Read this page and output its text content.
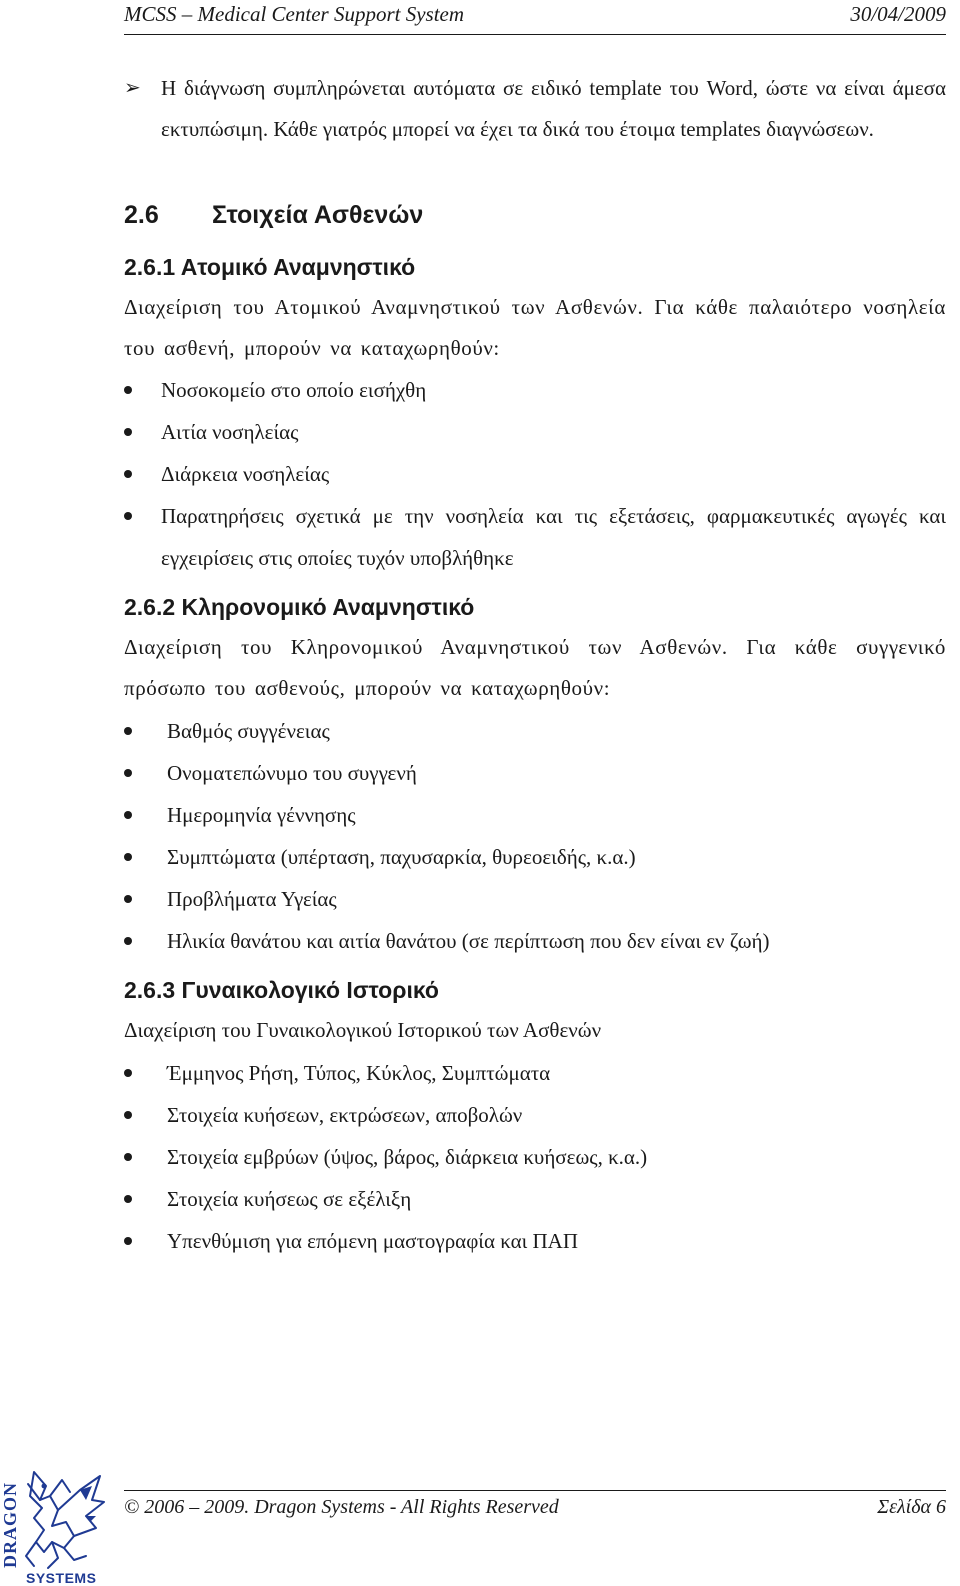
MCSS – Medical Center Support System	30/04/2009

➢ Η διάγνωση συμπληρώνεται αυτόματα σε ειδικό template του Word, ώστε να είναι άμεσα εκτυπώσιμη. Κάθε γιατρός μπορεί να έχει τα δικά του έτοιμα templates διαγνώσεων.

2.6 Στοιχεία Ασθενών
2.6.1 Ατομικό Αναμνηστικό

Διαχείριση του Ατομικού Αναμνηστικού των Ασθενών. Για κάθε παλαιότερο νοσηλεία του ασθενή, μπορούν να καταχωρηθούν:

Νοσοκομείο στο οποίο εισήχθη
Αιτία νοσηλείας
Διάρκεια νοσηλείας
Παρατηρήσεις σχετικά με την νοσηλεία και τις εξετάσεις, φαρμακευτικές αγωγές και εγχειρίσεις στις οποίες τυχόν υποβλήθηκε
2.6.2 Κληρονομικό Αναμνηστικό

Διαχείριση του Κληρονομικού Αναμνηστικού των Ασθενών. Για κάθε συγγενικό πρόσωπο του ασθενούς, μπορούν να καταχωρηθούν:

Βαθμός συγγένειας
Ονοματεπώνυμο του συγγενή
Ημερομηνία γέννησης
Συμπτώματα (υπέρταση, παχυσαρκία, θυρεοειδής, κ.α.)
Προβλήματα Υγείας
Ηλικία θανάτου και αιτία θανάτου (σε περίπτωση που δεν είναι εν ζωή)
2.6.3 Γυναικολογικό Ιστορικό

Διαχείριση του Γυναικολογικού Ιστορικού των Ασθενών

Έμμηνος Ρήση, Τύπος, Κύκλος, Συμπτώματα
Στοιχεία κυήσεων, εκτρώσεων, αποβολών
Στοιχεία εμβρύων (ύψος, βάρος, διάρκεια κυήσεως, κ.α.)
Στοιχεία κυήσεως σε εξέλιξη
Υπενθύμιση για επόμενη μαστογραφία και ΠΑΠ
DRAGON
SYSTEMS
© 2006 – 2009. Dragon Systems - All Rights Reserved	Σελίδα 6
